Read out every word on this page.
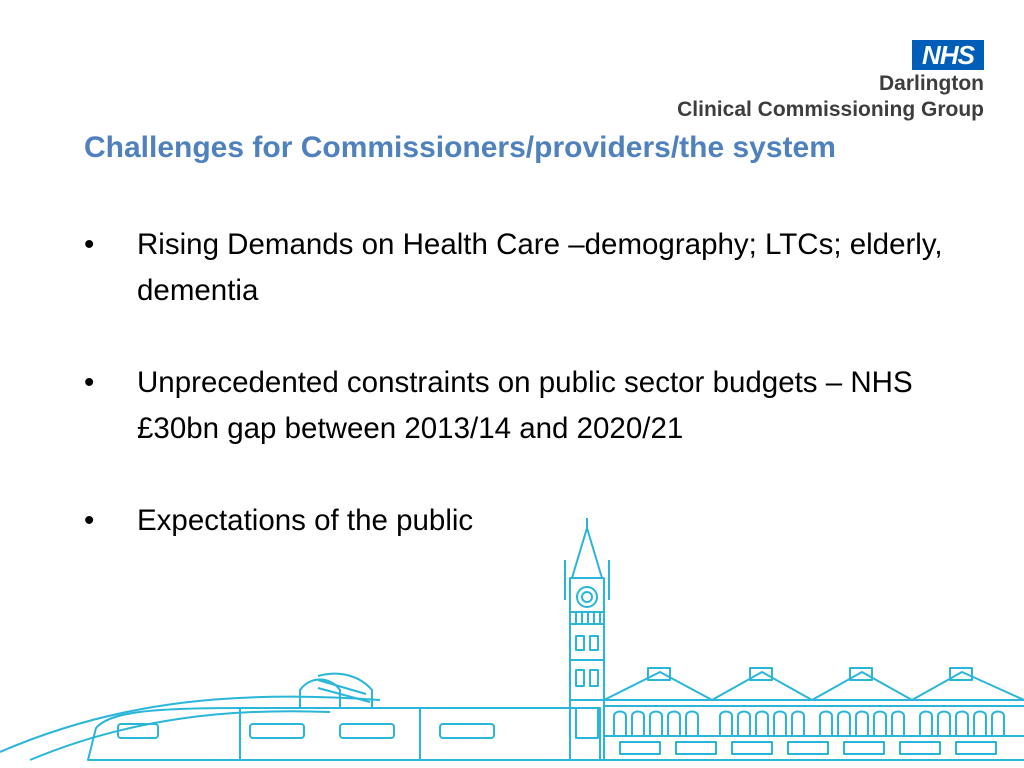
NHS
Darlington
Clinical Commissioning Group
Challenges for Commissioners/providers/the system
• Rising Demands on Health Care –demography; LTCs; elderly, dementia
• Unprecedented constraints on public sector budgets – NHS £30bn gap between 2013/14 and 2020/21
• Expectations of the public
